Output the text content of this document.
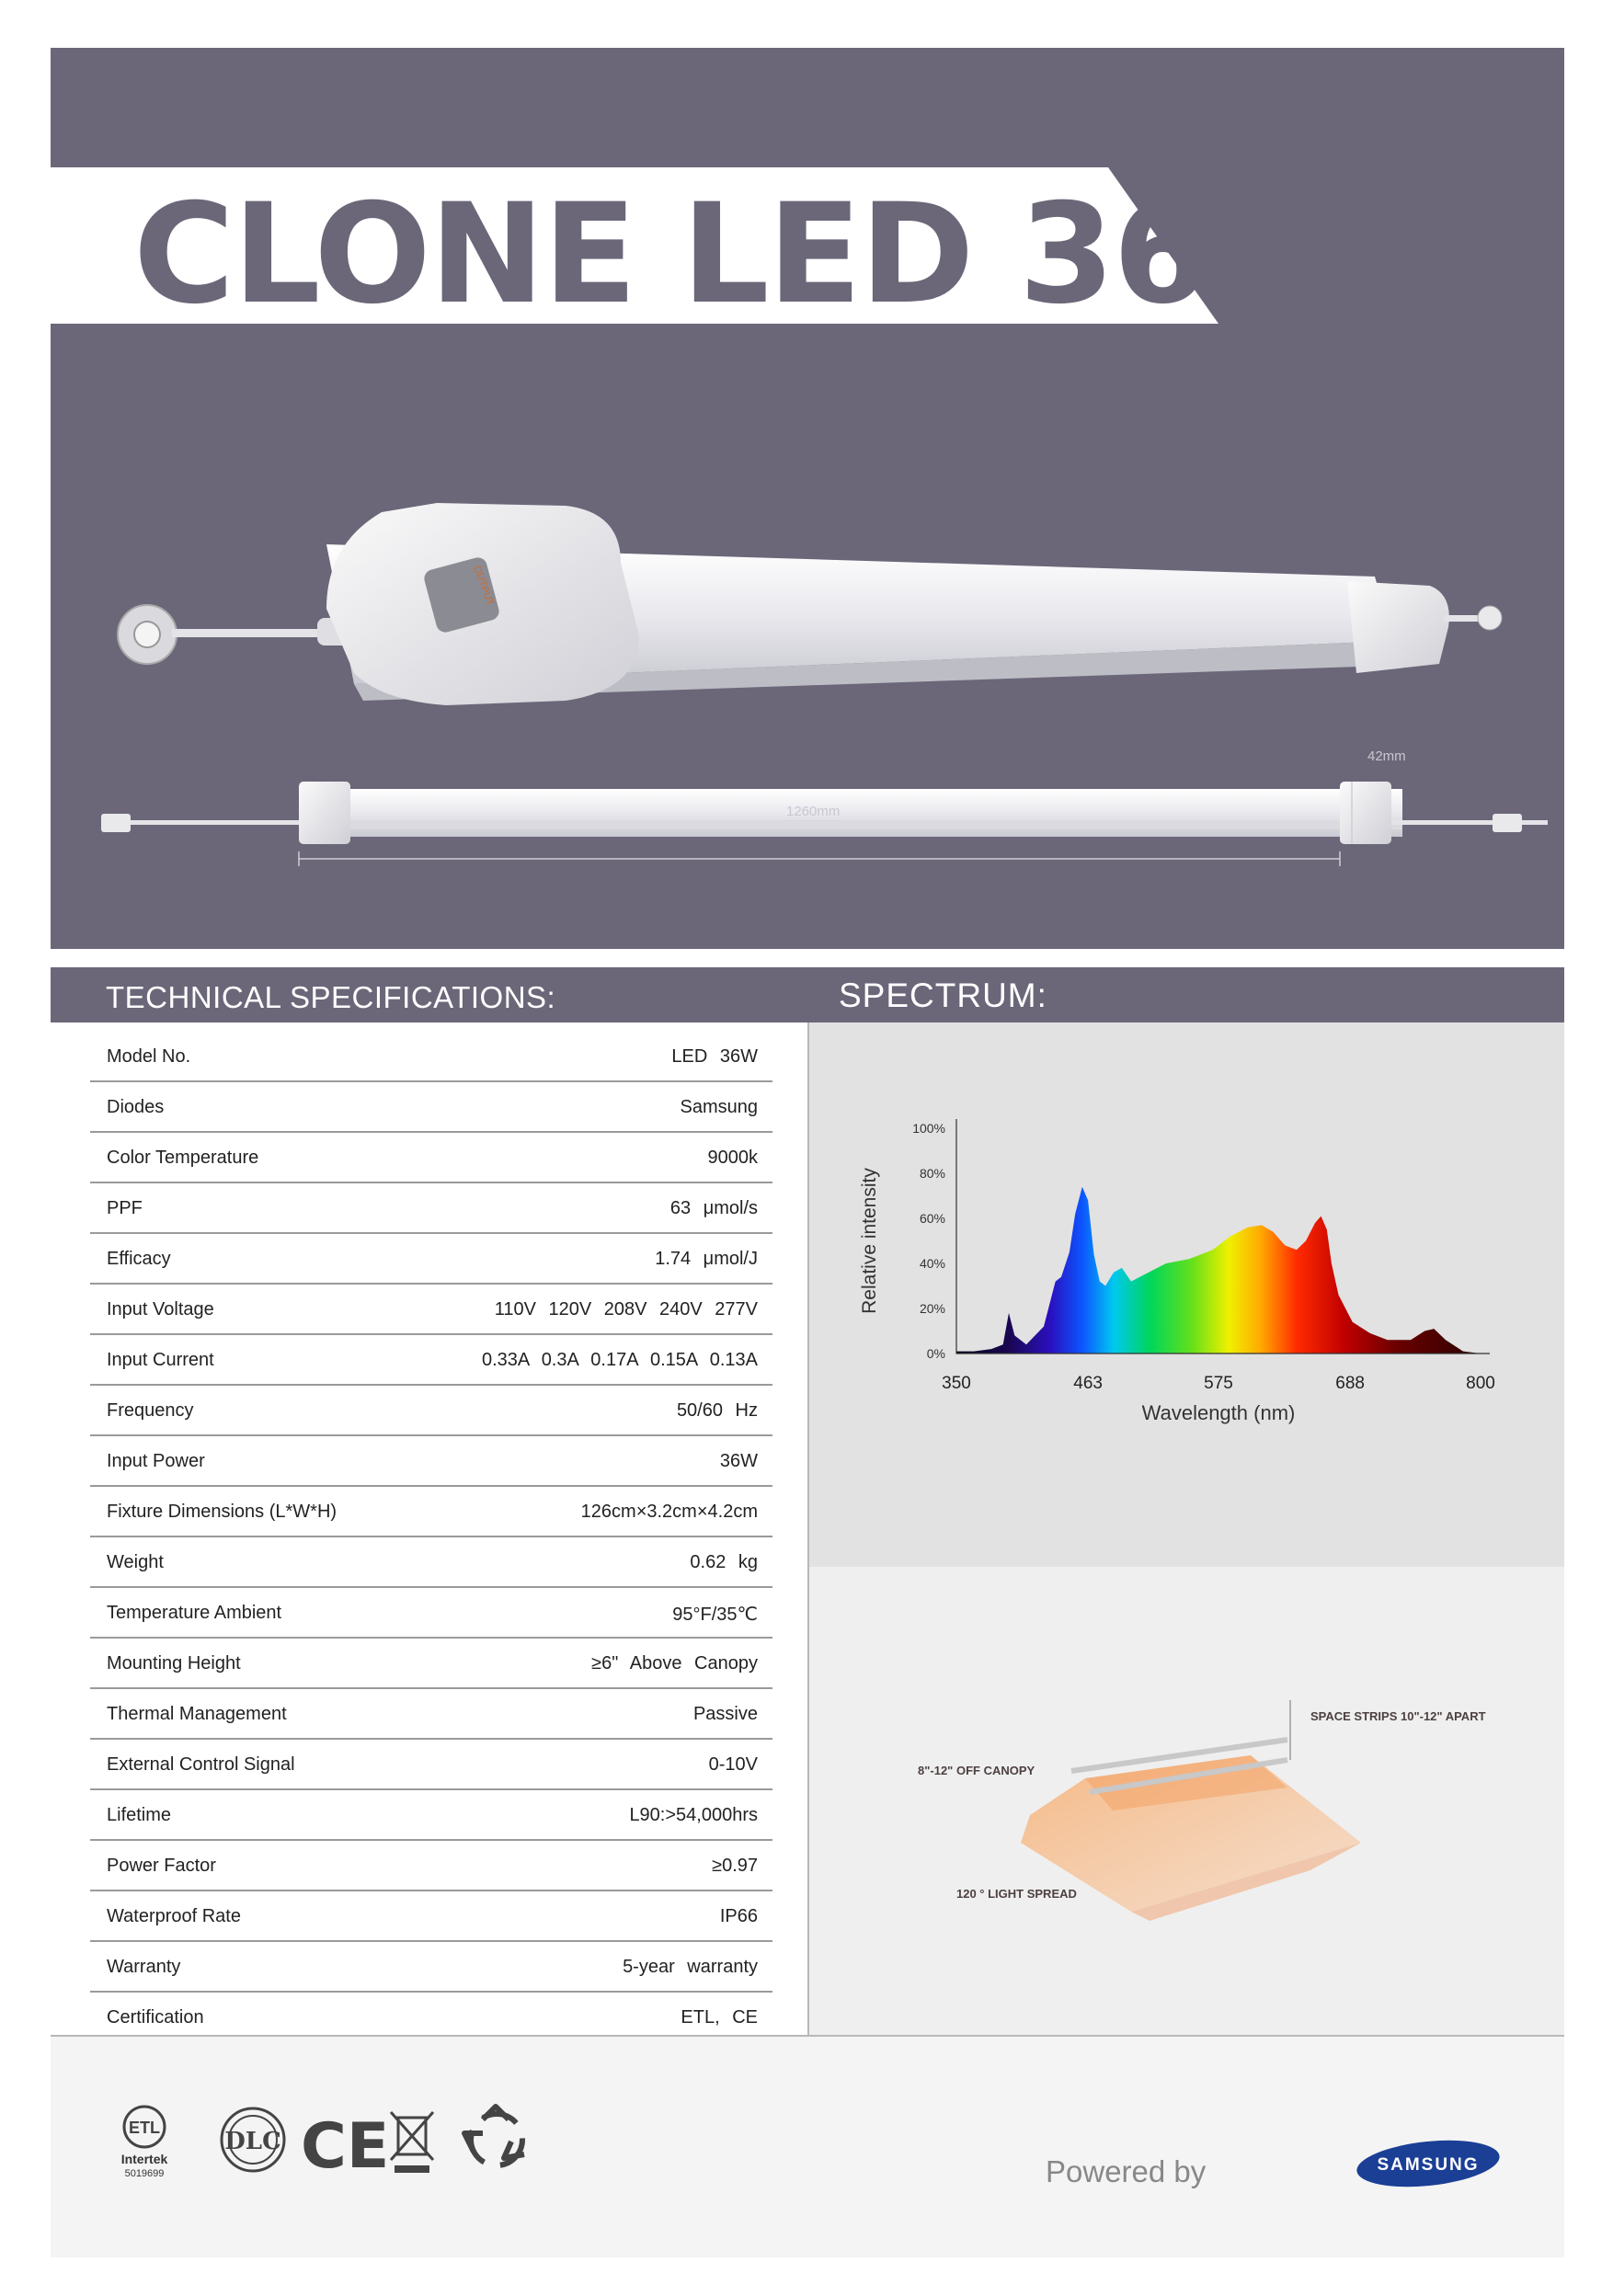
CLONE LED 36W
OUTPUT
1260mm
42mm
TECHNICAL SPECIFICATIONS:	SPECTRUM:
Model No.	LED 36W
Diodes	Samsung
Color Temperature	9000k
PPF	63 μmol/s
Efficacy	1.74 μmol/J
Input Voltage	110V 120V 208V 240V 277V
Input Current	0.33A 0.3A 0.17A 0.15A 0.13A
Frequency	50/60 Hz
Input Power	36W
Fixture Dimensions (L*W*H)	126cm×3.2cm×4.2cm
Weight	0.62 kg
Temperature Ambient	95°F/35℃
Mounting Height	≥6" Above Canopy
Thermal Management	Passive
External Control Signal	0-10V
Lifetime	L90:>54,000hrs
Power Factor	≥0.97
Waterproof Rate	IP66
Warranty	5-year warranty
Certification	ETL, CE
0%
20%
40%
60%
80%
100%
350	463	575	688	800
Wavelength (nm)
Relative intensity
SPACE STRIPS 10"-12" APART
8"-12" OFF CANOPY
120 ° LIGHT SPREAD
ETL
Intertek
5019699
DLC CE	Powered by	SAMSUNG
